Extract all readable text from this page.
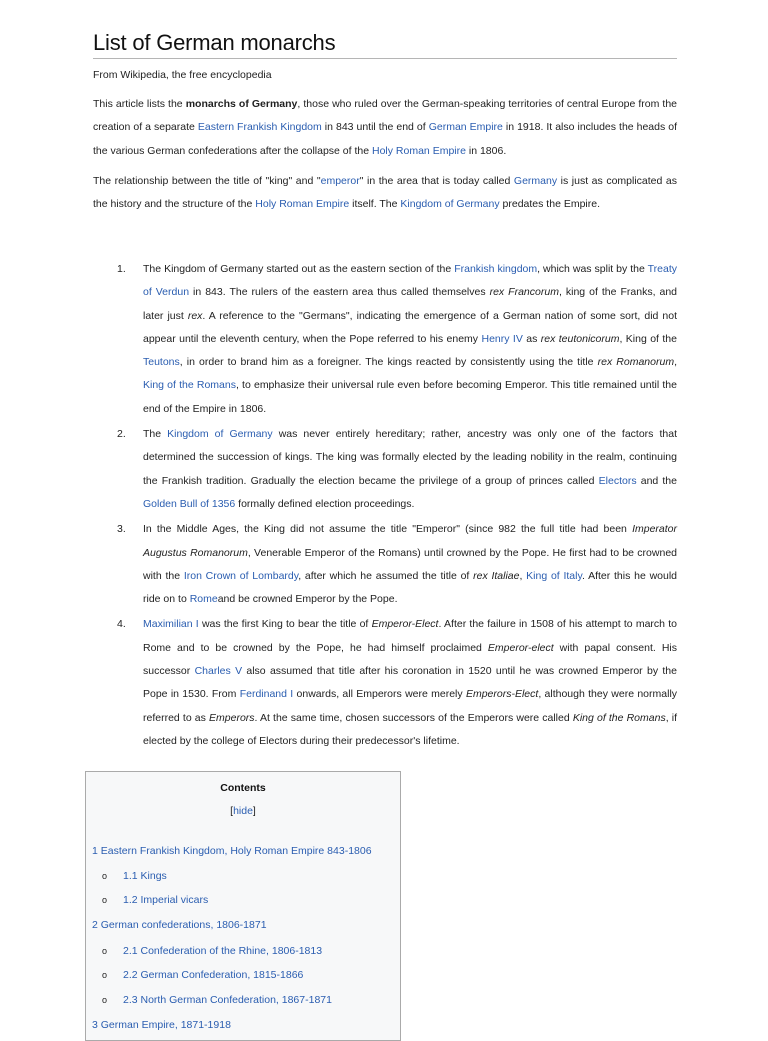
List of German monarchs
From Wikipedia, the free encyclopedia

This article lists the monarchs of Germany, those who ruled over the German-speaking territories of central Europe from the creation of a separate Eastern Frankish Kingdom in 843 until the end of German Empire in 1918. It also includes the heads of the various German confederations after the collapse of the Holy Roman Empire in 1806.

The relationship between the title of "king" and "emperor" in the area that is today called Germany is just as complicated as the history and the structure of the Holy Roman Empire itself. The Kingdom of Germany predates the Empire.

1. The Kingdom of Germany started out as the eastern section of the Frankish kingdom, which was split by the Treaty of Verdun in 843. The rulers of the eastern area thus called themselves rex Francorum, king of the Franks, and later just rex. A reference to the "Germans", indicating the emergence of a German nation of some sort, did not appear until the eleventh century, when the Pope referred to his enemy Henry IV as rex teutonicorum, King of the Teutons, in order to brand him as a foreigner. The kings reacted by consistently using the title rex Romanorum, King of the Romans, to emphasize their universal rule even before becoming Emperor. This title remained until the end of the Empire in 1806.
2. The Kingdom of Germany was never entirely hereditary; rather, ancestry was only one of the factors that determined the succession of kings. The king was formally elected by the leading nobility in the realm, continuing the Frankish tradition. Gradually the election became the privilege of a group of princes called Electors and the Golden Bull of 1356 formally defined election proceedings.
3. In the Middle Ages, the King did not assume the title "Emperor" (since 982 the full title had been Imperator Augustus Romanorum, Venerable Emperor of the Romans) until crowned by the Pope. He first had to be crowned with the Iron Crown of Lombardy, after which he assumed the title of rex Italiae, King of Italy. After this he would ride on to Romeand be crowned Emperor by the Pope.
4. Maximilian I was the first King to bear the title of Emperor-Elect. After the failure in 1508 of his attempt to march to Rome and to be crowned by the Pope, he had himself proclaimed Emperor-elect with papal consent. His successor Charles V also assumed that title after his coronation in 1520 until he was crowned Emperor by the Pope in 1530. From Ferdinand I onwards, all Emperors were merely Emperors-Elect, although they were normally referred to as Emperors. At the same time, chosen successors of the Emperors were called King of the Romans, if elected by the college of Electors during their predecessor's lifetime.
Contents
[hide]
1 Eastern Frankish Kingdom, Holy Roman Empire 843-1806
o 1.1 Kings
o 1.2 Imperial vicars
2 German confederations, 1806-1871
o 2.1 Confederation of the Rhine, 1806-1813
o 2.2 German Confederation, 1815-1866
o 2.3 North German Confederation, 1867-1871
3 German Empire, 1871-1918
